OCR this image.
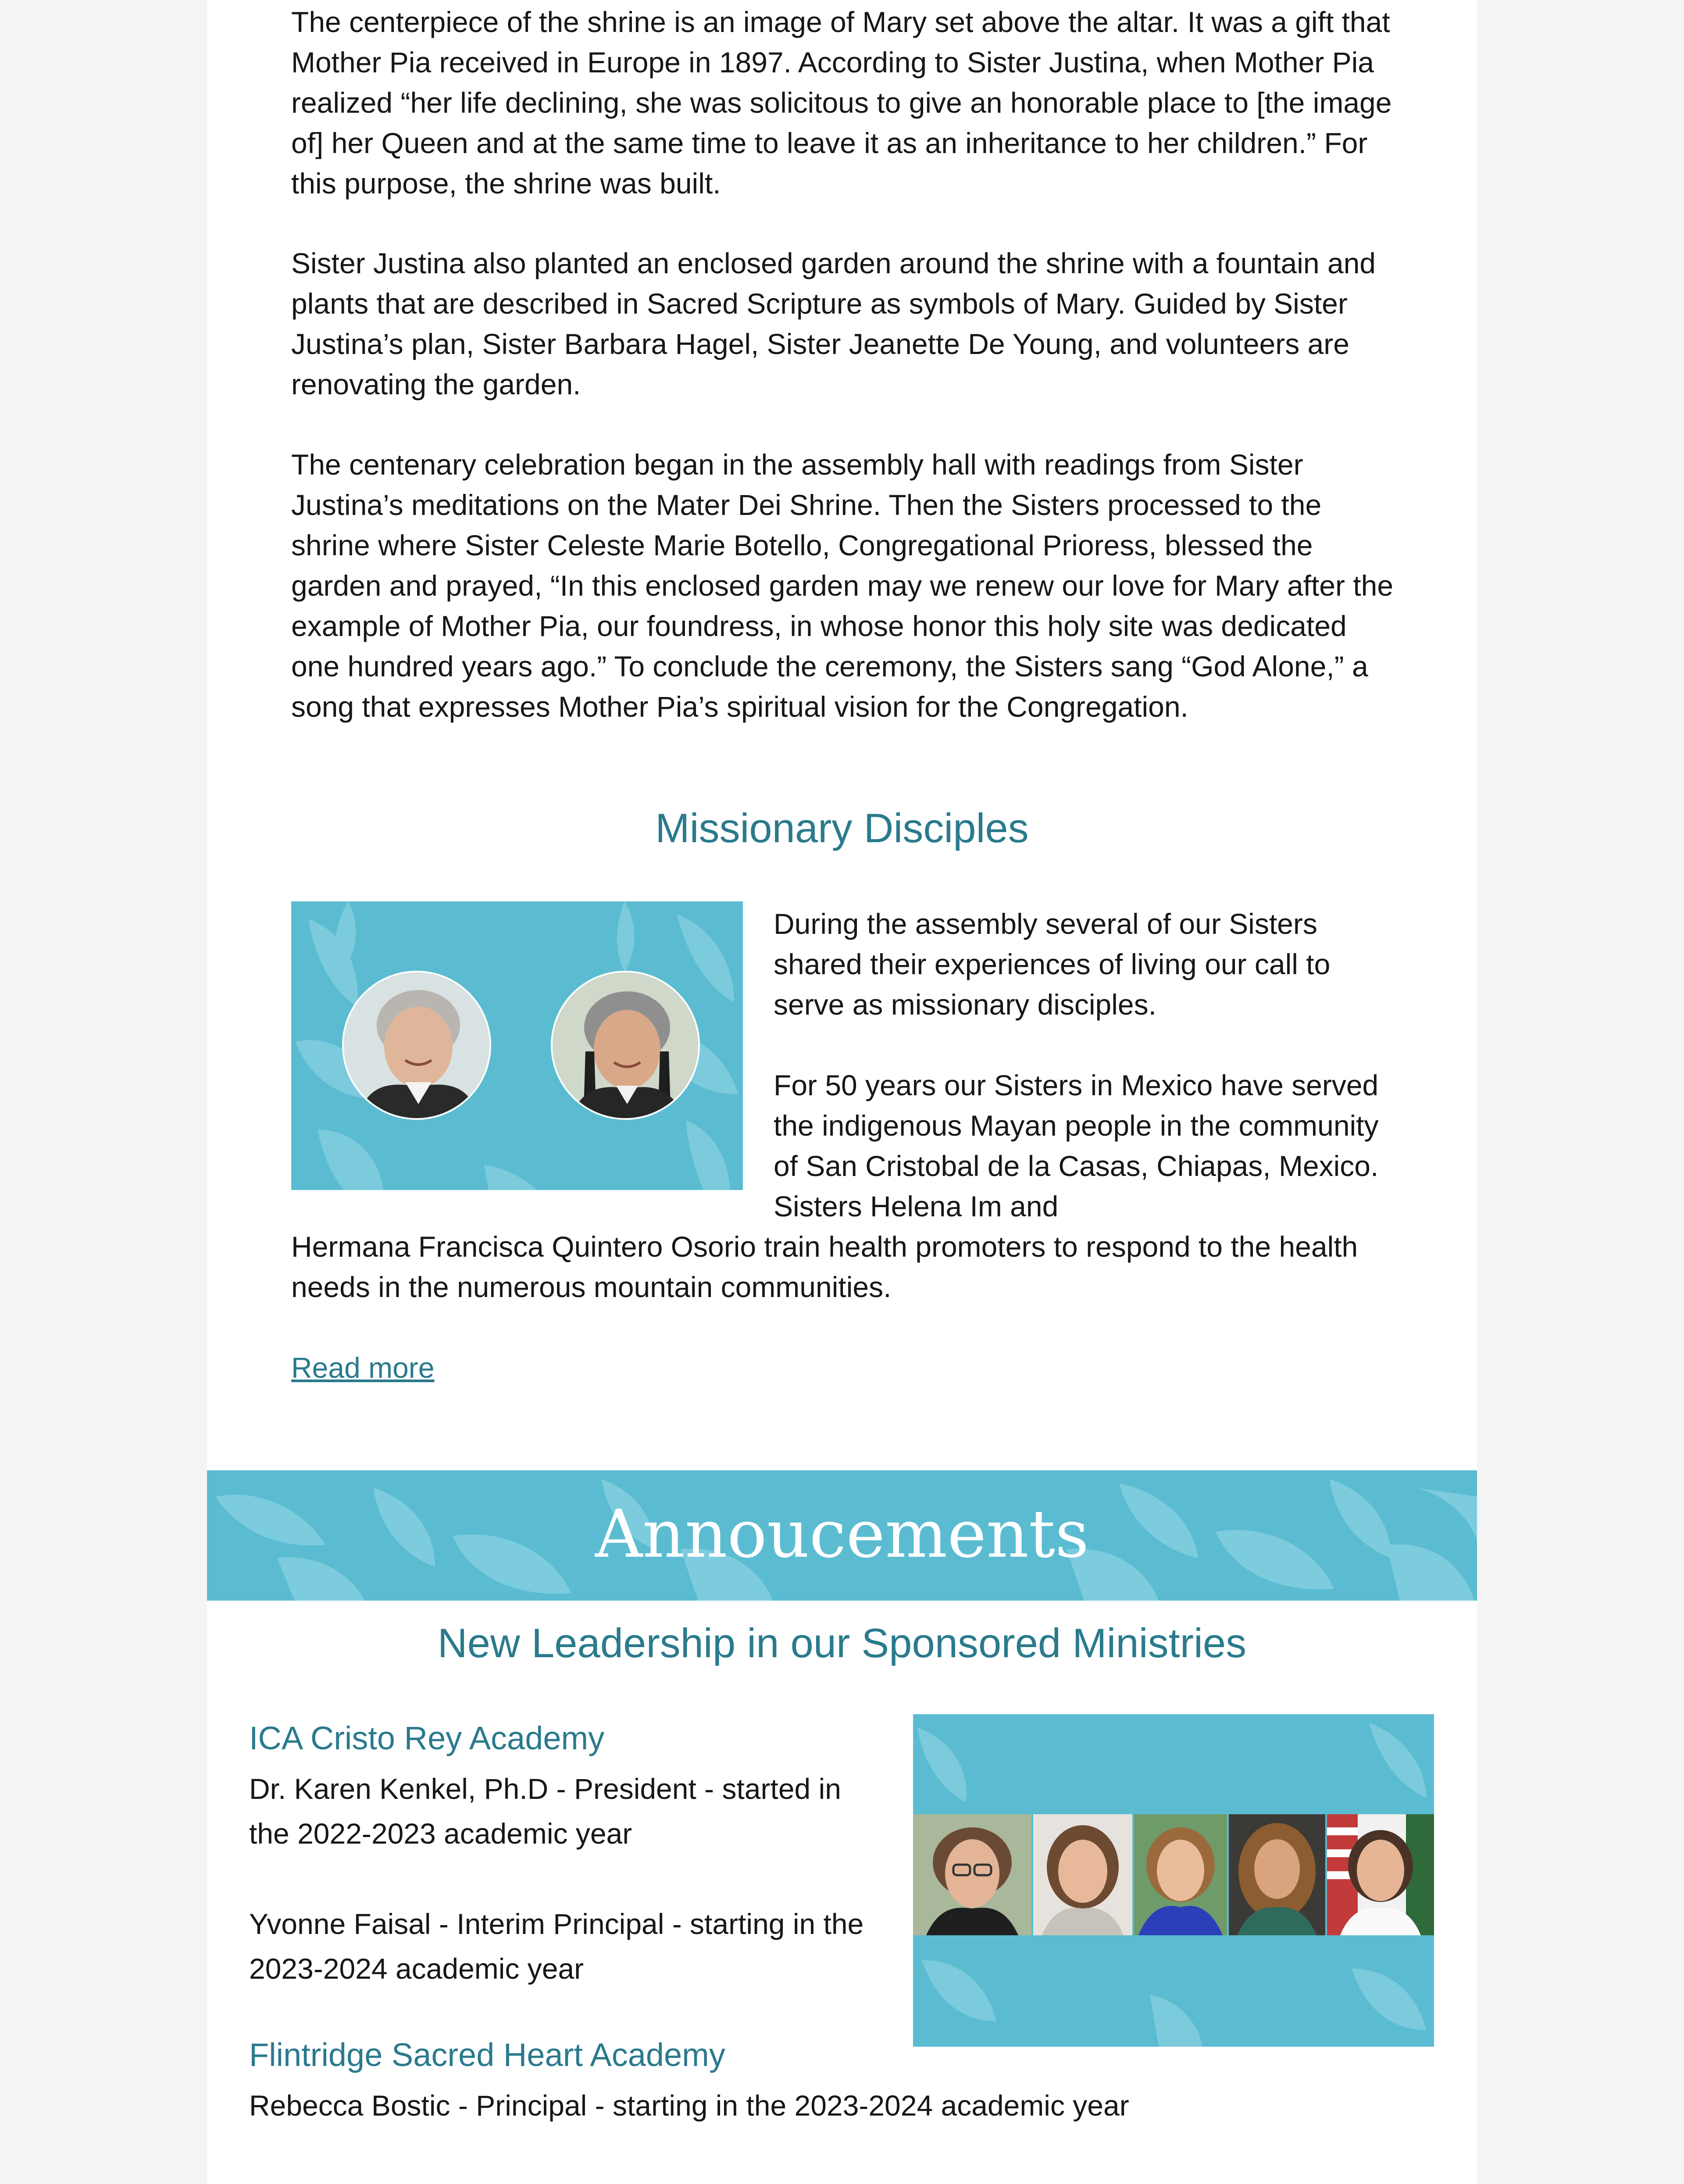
The centerpiece of the shrine is an image of Mary set above the altar. It was a gift that Mother Pia received in Europe in 1897. According to Sister Justina, when Mother Pia realized “her life declining, she was solicitous to give an honorable place to [the image of] her Queen and at the same time to leave it as an inheritance to her children.” For this purpose, the shrine was built.

Sister Justina also planted an enclosed garden around the shrine with a fountain and plants that are described in Sacred Scripture as symbols of Mary. Guided by Sister Justina’s plan, Sister Barbara Hagel, Sister Jeanette De Young, and volunteers are renovating the garden.

The centenary celebration began in the assembly hall with readings from Sister Justina’s meditations on the Mater Dei Shrine. Then the Sisters processed to the shrine where Sister Celeste Marie Botello, Congregational Prioress, blessed the garden and prayed, “In this enclosed garden may we renew our love for Mary after the example of Mother Pia, our foundress, in whose honor this holy site was dedicated one hundred years ago.” To conclude the ceremony, the Sisters sang “God Alone,” a song that expresses Mother Pia’s spiritual vision for the Congregation.

Missionary Disciples

During the assembly several of our Sisters shared their experiences of living our call to serve as missionary disciples.

For 50 years our Sisters in Mexico have served the indigenous Mayan people in the community of San Cristobal de la Casas, Chiapas, Mexico. Sisters Helena Im and

Hermana Francisca Quintero Osorio train health promoters to respond to the health needs in the numerous mountain communities.

Read more

Annoucements
New Leadership in our Sponsored Ministries
ICA Cristo Rey Academy

Dr. Karen Kenkel, Ph.D - President - started in the 2022-2023 academic year

Yvonne Faisal - Interim Principal - starting in the 2023-2024 academic year

Flintridge Sacred Heart Academy

Rebecca Bostic - Principal - starting in the 2023-2024 academic year
